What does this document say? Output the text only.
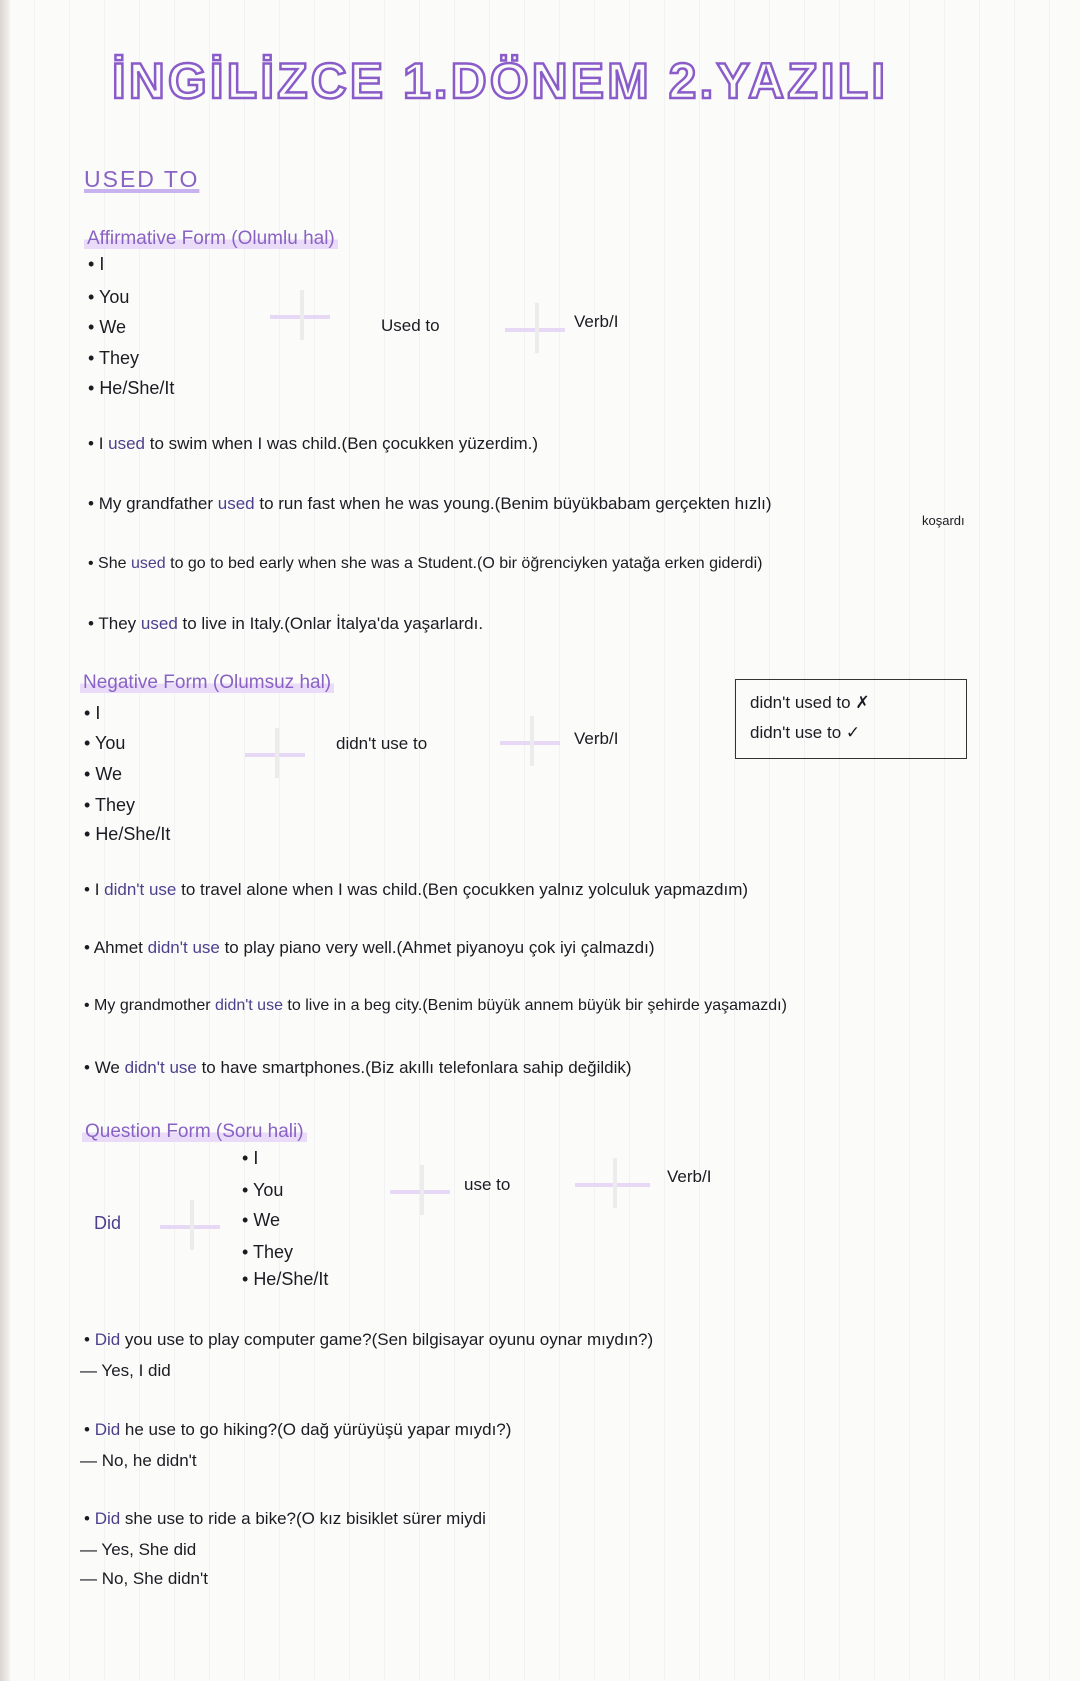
İNGİLİZCE 1.DÖNEM 2.YAZILI
USED TO
Affirmative Form (Olumlu hal)
• I
• You
• We
• They
• He/She/It
Used to	Verb/I
• I used to swim when I was child.(Ben çocukken yüzerdim.)
• My grandfather used to run fast when he was young.(Benim büyükbabam gerçekten hızlı)
koşardı
• She used to go to bed early when she was a Student.(O bir öğrenciyken yatağa erken giderdi)
• They used to live in Italy.(Onlar İtalya'da yaşarlardı.
Negative Form (Olumsuz hal)
• I
• You
• We
• They
• He/She/It
didn't use to	Verb/I
didn't used to ✗
didn't use to ✓
• I didn't use to travel alone when I was child.(Ben çocukken yalnız yolculuk yapmazdım)
• Ahmet didn't use to play piano very well.(Ahmet piyanoyu çok iyi çalmazdı)
• My grandmother didn't use to live in a beg city.(Benim büyük annem büyük bir şehirde yaşamazdı)
• We didn't use to have smartphones.(Biz akıllı telefonlara sahip değildik)
Question Form (Soru hali)
Did
• I
• You
• We
• They
• He/She/It
use to	Verb/I
• Did you use to play computer game?(Sen bilgisayar oyunu oynar mıydın?)
— Yes, I did
• Did he use to go hiking?(O dağ yürüyüşü yapar mıydı?)
— No, he didn't
• Did she use to ride a bike?(O kız bisiklet sürer miydi
— Yes, She did
— No, She didn't
